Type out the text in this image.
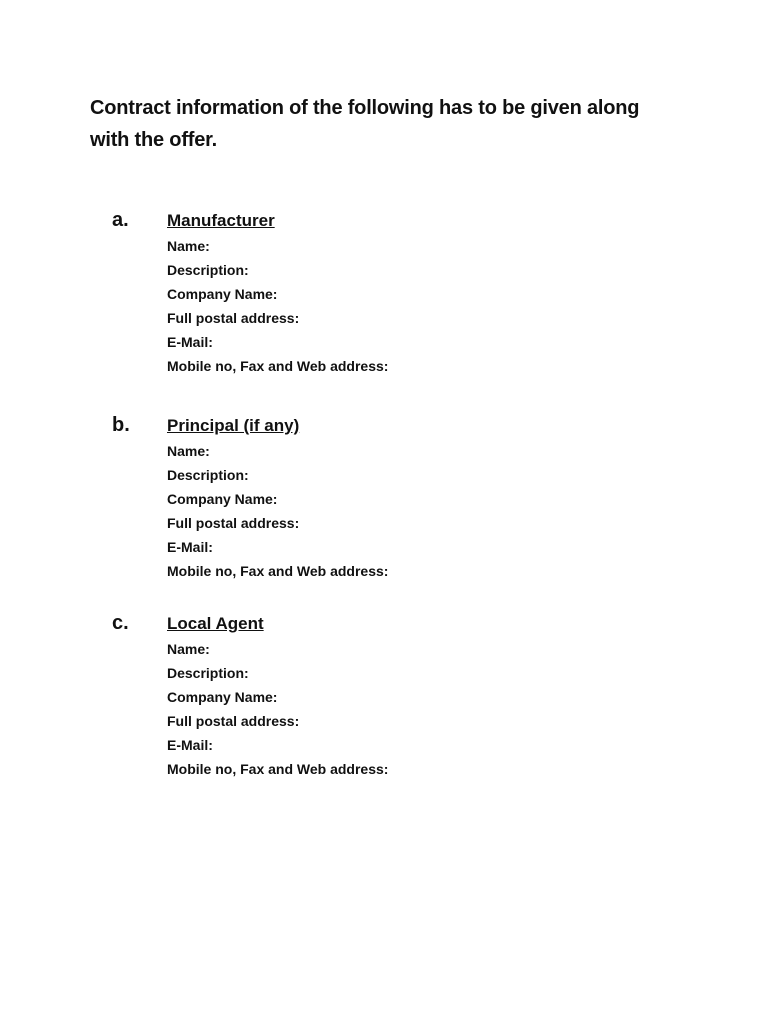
Contract information of the following has to be given along
with the offer.
a. Manufacturer
Name:
Description:
Company Name:
Full postal address:
E-Mail:
Mobile no, Fax and Web address:
b. Principal (if any)
Name:
Description:
Company Name:
Full postal address:
E-Mail:
Mobile no, Fax and Web address:
c. Local Agent
Name:
Description:
Company Name:
Full postal address:
E-Mail:
Mobile no, Fax and Web address:
